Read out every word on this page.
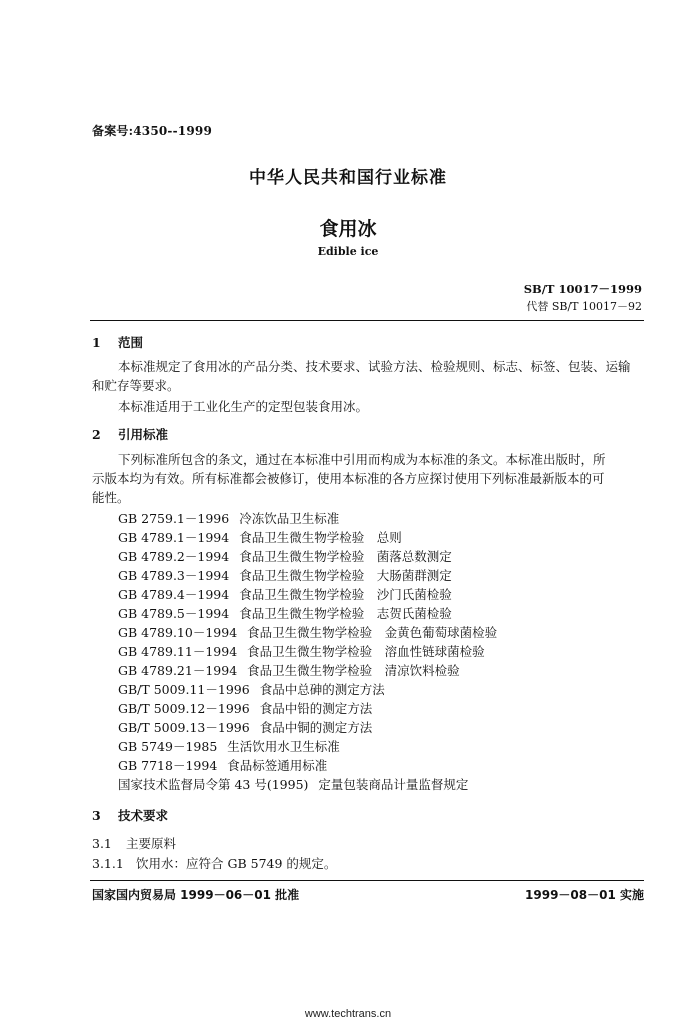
备案号:4350--1999
中华人民共和国行业标准
食用冰
Edible ice
SB/T 10017－1999
代替 SB/T 10017－92
1 范围
本标准规定了食用冰的产品分类、技术要求、试验方法、检验规则、标志、标签、包装、运输
和贮存等要求。
本标准适用于工业化生产的定型包装食用冰。
2 引用标准
下列标准所包含的条文，通过在本标准中引用而构成为本标准的条文。本标准出版时，所
示版本均为有效。所有标准都会被修订，使用本标准的各方应探讨使用下列标准最新版本的可
能性。
GB 2759.1－1996 冷冻饮品卫生标准
GB 4789.1－1994 食品卫生微生物学检验　总则
GB 4789.2－1994 食品卫生微生物学检验　菌落总数测定
GB 4789.3－1994 食品卫生微生物学检验　大肠菌群测定
GB 4789.4－1994 食品卫生微生物学检验　沙门氏菌检验
GB 4789.5－1994 食品卫生微生物学检验　志贺氏菌检验
GB 4789.10－1994 食品卫生微生物学检验　金黄色葡萄球菌检验
GB 4789.11－1994 食品卫生微生物学检验　溶血性链球菌检验
GB 4789.21－1994 食品卫生微生物学检验　清凉饮料检验
GB/T 5009.11－1996 食品中总砷的测定方法
GB/T 5009.12－1996 食品中铅的测定方法
GB/T 5009.13－1996 食品中铜的测定方法
GB 5749－1985 生活饮用水卫生标准
GB 7718－1994 食品标签通用标准
国家技术监督局令第 43 号(1995) 定量包装商品计量监督规定
3 技术要求
3.1 主要原料
3.1.1 饮用水：应符合 GB 5749 的规定。
国家国内贸易局 1999－06－01 批准	1999－08－01 实施
www.techtrans.cn
